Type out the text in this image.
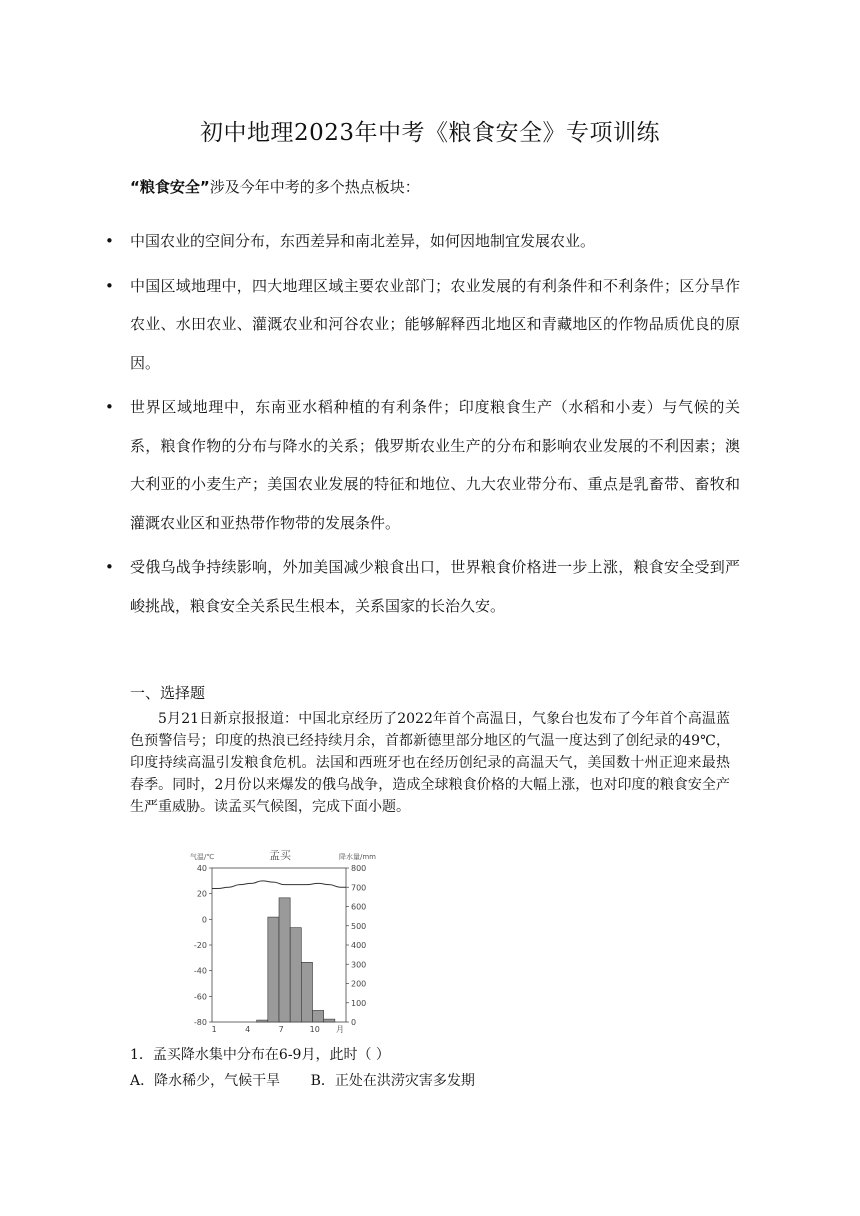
初中地理2023年中考《粮食安全》专项训练
“粮食安全”涉及今年中考的多个热点板块：
• 中国农业的空间分布，东西差异和南北差异，如何因地制宜发展农业。
• 中国区域地理中，四大地理区域主要农业部门；农业发展的有利条件和不利条件；区分旱作农业、水田农业、灌溉农业和河谷农业；能够解释西北地区和青藏地区的作物品质优良的原因。
• 世界区域地理中，东南亚水稻种植的有利条件；印度粮食生产（水稻和小麦）与气候的关系，粮食作物的分布与降水的关系；俄罗斯农业生产的分布和影响农业发展的不利因素；澳大利亚的小麦生产；美国农业发展的特征和地位、九大农业带分布、重点是乳畜带、畜牧和灌溉农业区和亚热带作物带的发展条件。
• 受俄乌战争持续影响，外加美国减少粮食出口，世界粮食价格进一步上涨，粮食安全受到严峻挑战，粮食安全关系民生根本，关系国家的长治久安。
一、选择题
5月21日新京报报道：中国北京经历了2022年首个高温日，气象台也发布了今年首个高温蓝色预警信号；印度的热浪已经持续月余，首都新德里部分地区的气温一度达到了创纪录的49℃，印度持续高温引发粮食危机。法国和西班牙也在经历创纪录的高温天气，美国数十州正迎来最热春季。同时，2月份以来爆发的俄乌战争，造成全球粮食价格的大幅上涨，也对印度的粮食安全产生严重威胁。读孟买气候图，完成下面小题。
孟买
气温/℃	降水量/mm
40
20
0
-20
-40
-60
-80
800
700
600
500
400
300
200
100
0
1	4	7	10 月
1．孟买降水集中分布在6-9月，此时（ ）
A．降水稀少，气候干旱 B．正处在洪涝灾害多发期
